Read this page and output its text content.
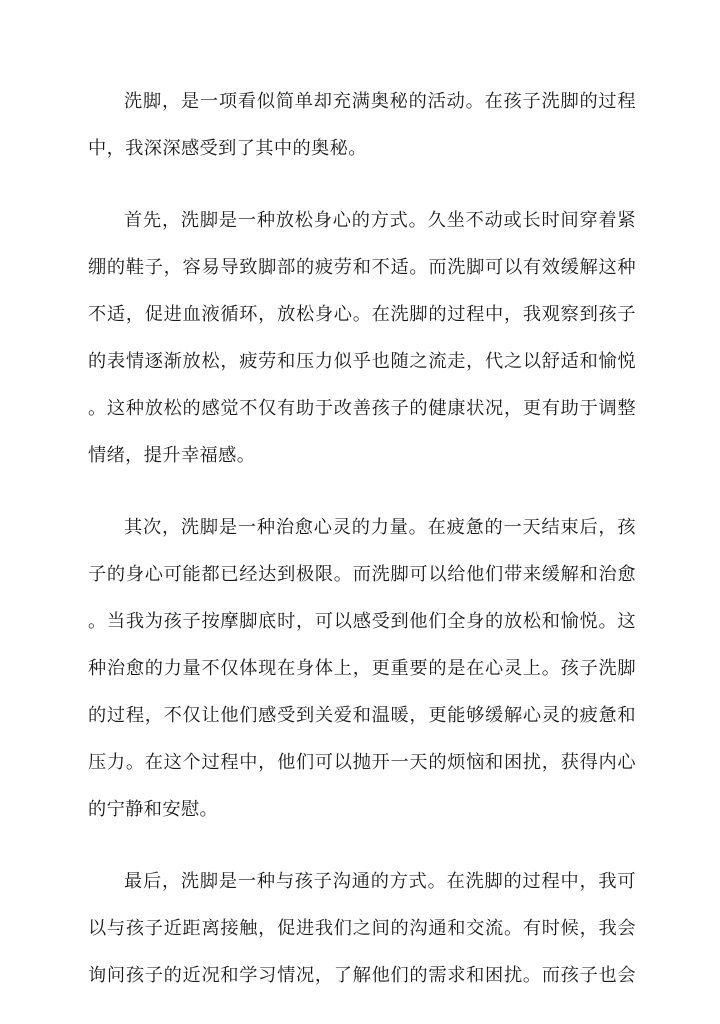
洗脚，是一项看似简单却充满奥秘的活动。在孩子洗脚的过程
中，我深深感受到了其中的奥秘。
首先，洗脚是一种放松身心的方式。久坐不动或长时间穿着紧
绷的鞋子，容易导致脚部的疲劳和不适。而洗脚可以有效缓解这种
不适，促进血液循环，放松身心。在洗脚的过程中，我观察到孩子
的表情逐渐放松，疲劳和压力似乎也随之流走，代之以舒适和愉悦
。这种放松的感觉不仅有助于改善孩子的健康状况，更有助于调整
情绪，提升幸福感。
其次，洗脚是一种治愈心灵的力量。在疲惫的一天结束后，孩
子的身心可能都已经达到极限。而洗脚可以给他们带来缓解和治愈
。当我为孩子按摩脚底时，可以感受到他们全身的放松和愉悦。这
种治愈的力量不仅体现在身体上，更重要的是在心灵上。孩子洗脚
的过程，不仅让他们感受到关爱和温暖，更能够缓解心灵的疲惫和
压力。在这个过程中，他们可以抛开一天的烦恼和困扰，获得内心
的宁静和安慰。
最后，洗脚是一种与孩子沟通的方式。在洗脚的过程中，我可
以与孩子近距离接触，促进我们之间的沟通和交流。有时候，我会
询问孩子的近况和学习情况，了解他们的需求和困扰。而孩子也会
